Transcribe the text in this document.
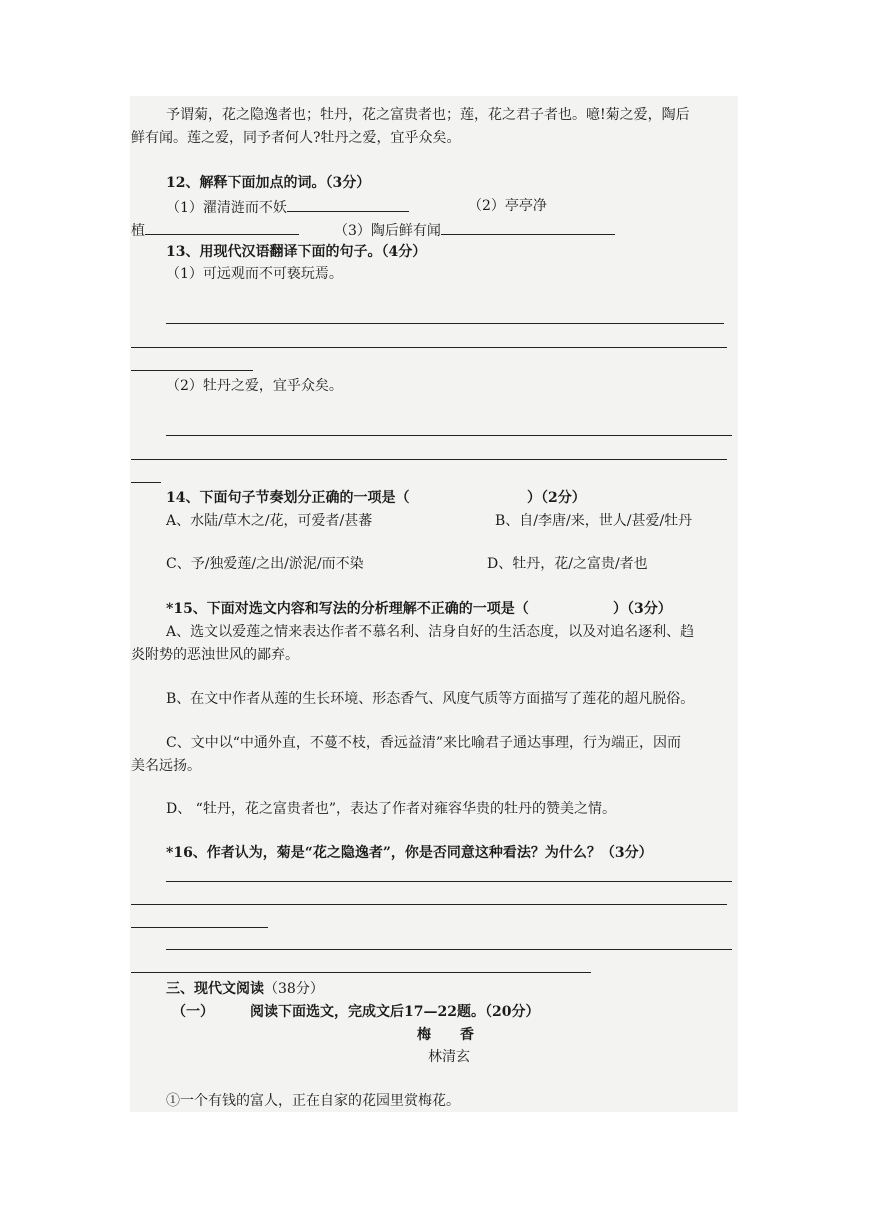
予谓菊，花之隐逸者也；牡丹，花之富贵者也；莲，花之君子者也。噫!菊之爱，陶后
鲜有闻。莲之爱，同予者何人?牡丹之爱，宜乎众矣。
12、解释下面加点的词。（3分）
（1）濯清涟而不妖	（2）亭亭净
植	（3）陶后鲜有闻
13、用现代汉语翻译下面的句子。（4分）
（1）可远观而不可亵玩焉。
（2）牡丹之爱，宜乎众矣。
14、下面句子节奏划分正确的一项是（	）（2分）
A、水陆/草木之/花，可爱者/甚蕃	B、自/李唐/来，世人/甚爱/牡丹
C、予/独爱莲/之出/淤泥/而不染	D、牡丹，花/之富贵/者也
*15、下面对选文内容和写法的分析理解不正确的一项是（	）（3分）
A、选文以爱莲之情来表达作者不慕名利、洁身自好的生活态度，以及对追名逐利、趋
炎附势的恶浊世风的鄙弃。
B、在文中作者从莲的生长环境、形态香气、风度气质等方面描写了莲花的超凡脱俗。
C、文中以“中通外直，不蔓不枝，香远益清”来比喻君子通达事理，行为端正，因而
美名远扬。
D、 “牡丹，花之富贵者也”，表达了作者对雍容华贵的牡丹的赞美之情。
*16、作者认为，菊是“花之隐逸者”，你是否同意这种看法？为什么？（3分）
三、现代文阅读（38分）
（一）	阅读下面选文，完成文后17—22题。（20分）
梅 香
林清玄
①一个有钱的富人，正在自家的花园里赏梅花。
